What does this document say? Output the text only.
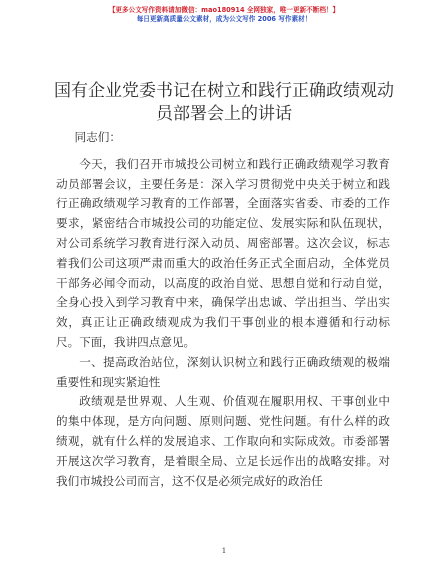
【更多公文写作资料请加微信：mao180914 全网独家，唯一更新不断档！】
每日更新高质量公文素材，成为公文写作 2006 写作素材！
国有企业党委书记在树立和践行正确政绩观动员部署会上的讲话

同志们：

今天，我们召开市城投公司树立和践行正确政绩观学习教育动员部署会议，主要任务是：深入学习贯彻党中央关于树立和践行正确政绩观学习教育的工作部署，全面落实省委、市委的工作要求，紧密结合市城投公司的功能定位、发展实际和队伍现状，对公司系统学习教育进行深入动员、周密部署。这次会议，标志着我们公司这项严肃而重大的政治任务正式全面启动，全体党员干部务必闻令而动，以高度的政治自觉、思想自觉和行动自觉，全身心投入到学习教育中来，确保学出忠诚、学出担当、学出实效，真正让正确政绩观成为我们干事创业的根本遵循和行动标尺。下面，我讲四点意见。

一、提高政治站位，深刻认识树立和践行正确政绩观的极端重要性和现实紧迫性

政绩观是世界观、人生观、价值观在履职用权、干事创业中的集中体现，是方向问题、原则问题、党性问题。有什么样的政绩观，就有什么样的发展追求、工作取向和实际成效。市委部署开展这次学习教育，是着眼全局、立足长远作出的战略安排。对我们市城投公司而言，这不仅是必须完成好的政治任

1
